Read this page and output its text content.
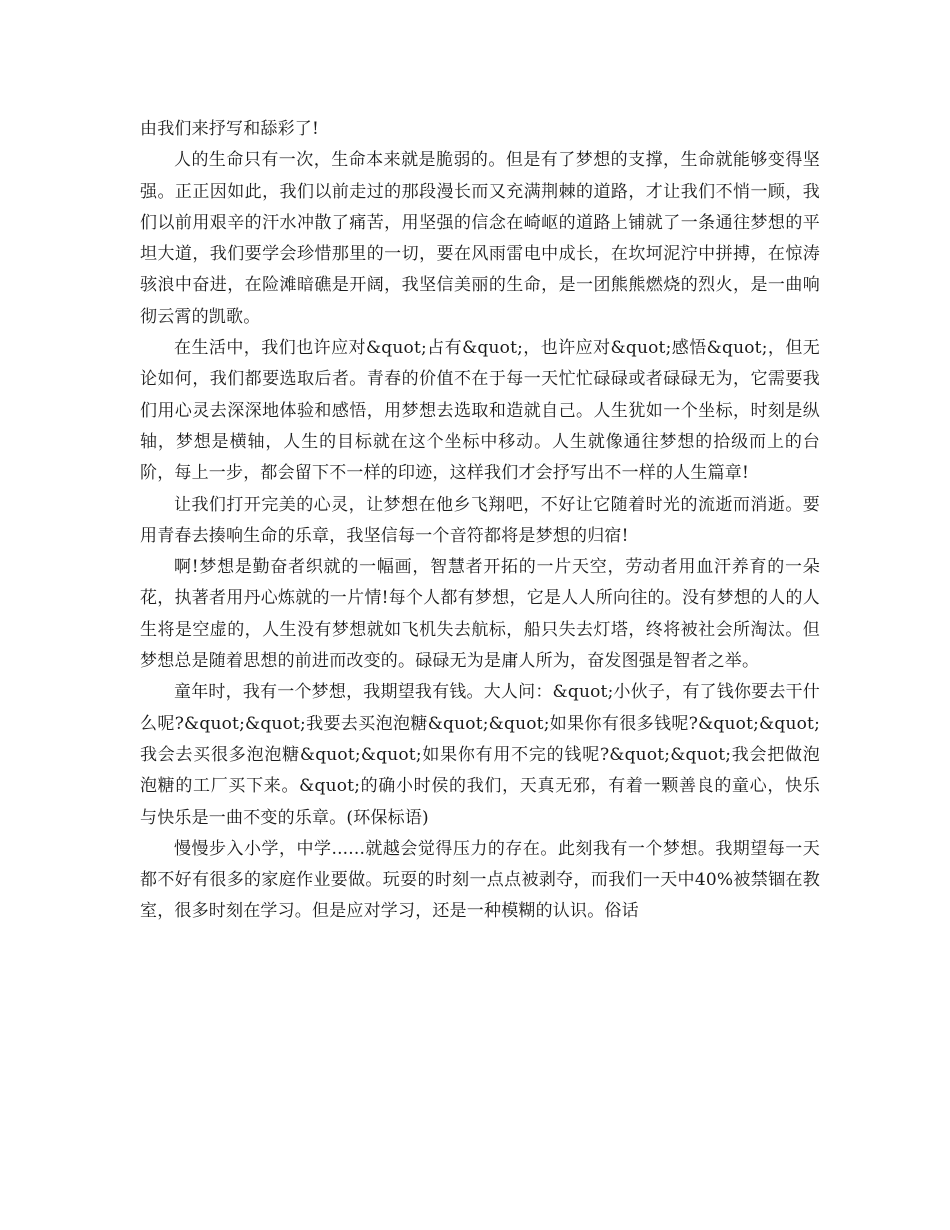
由我们来抒写和舔彩了!

人的生命只有一次，生命本来就是脆弱的。但是有了梦想的支撑，生命就能够变得坚强。正正因如此，我们以前走过的那段漫长而又充满荆棘的道路，才让我们不悄一顾，我们以前用艰辛的汗水冲散了痛苦，用坚强的信念在崎岖的道路上铺就了一条通往梦想的平坦大道，我们要学会珍惜那里的一切，要在风雨雷电中成长，在坎坷泥泞中拼搏，在惊涛骇浪中奋进，在险滩暗礁是开阔，我坚信美丽的生命，是一团熊熊燃烧的烈火，是一曲响彻云霄的凯歌。

在生活中，我们也许应对&quot;占有&quot;，也许应对&quot;感悟&quot;，但无论如何，我们都要选取后者。青春的价值不在于每一天忙忙碌碌或者碌碌无为，它需要我们用心灵去深深地体验和感悟，用梦想去选取和造就自己。人生犹如一个坐标，时刻是纵轴，梦想是横轴，人生的目标就在这个坐标中移动。人生就像通往梦想的拾级而上的台阶，每上一步，都会留下不一样的印迹，这样我们才会抒写出不一样的人生篇章!

让我们打开完美的心灵，让梦想在他乡飞翔吧，不好让它随着时光的流逝而消逝。要用青春去揍响生命的乐章，我坚信每一个音符都将是梦想的归宿!

啊!梦想是勤奋者织就的一幅画，智慧者开拓的一片天空，劳动者用血汗养育的一朵花，执著者用丹心炼就的一片情!每个人都有梦想，它是人人所向往的。没有梦想的人的人生将是空虚的，人生没有梦想就如飞机失去航标，船只失去灯塔，终将被社会所淘汰。但梦想总是随着思想的前进而改变的。碌碌无为是庸人所为，奋发图强是智者之举。

童年时，我有一个梦想，我期望我有钱。大人问：&quot;小伙子，有了钱你要去干什么呢?&quot;&quot;我要去买泡泡糖&quot;&quot;如果你有很多钱呢?&quot;&quot;我会去买很多泡泡糖&quot;&quot;如果你有用不完的钱呢?&quot;&quot;我会把做泡泡糖的工厂买下来。&quot;的确小时侯的我们，天真无邪，有着一颗善良的童心，快乐与快乐是一曲不变的乐章。(环保标语)

慢慢步入小学，中学......就越会觉得压力的存在。此刻我有一个梦想。我期望每一天都不好有很多的家庭作业要做。玩耍的时刻一点点被剥夺，而我们一天中40%被禁锢在教室，很多时刻在学习。但是应对学习，还是一种模糊的认识。俗话
